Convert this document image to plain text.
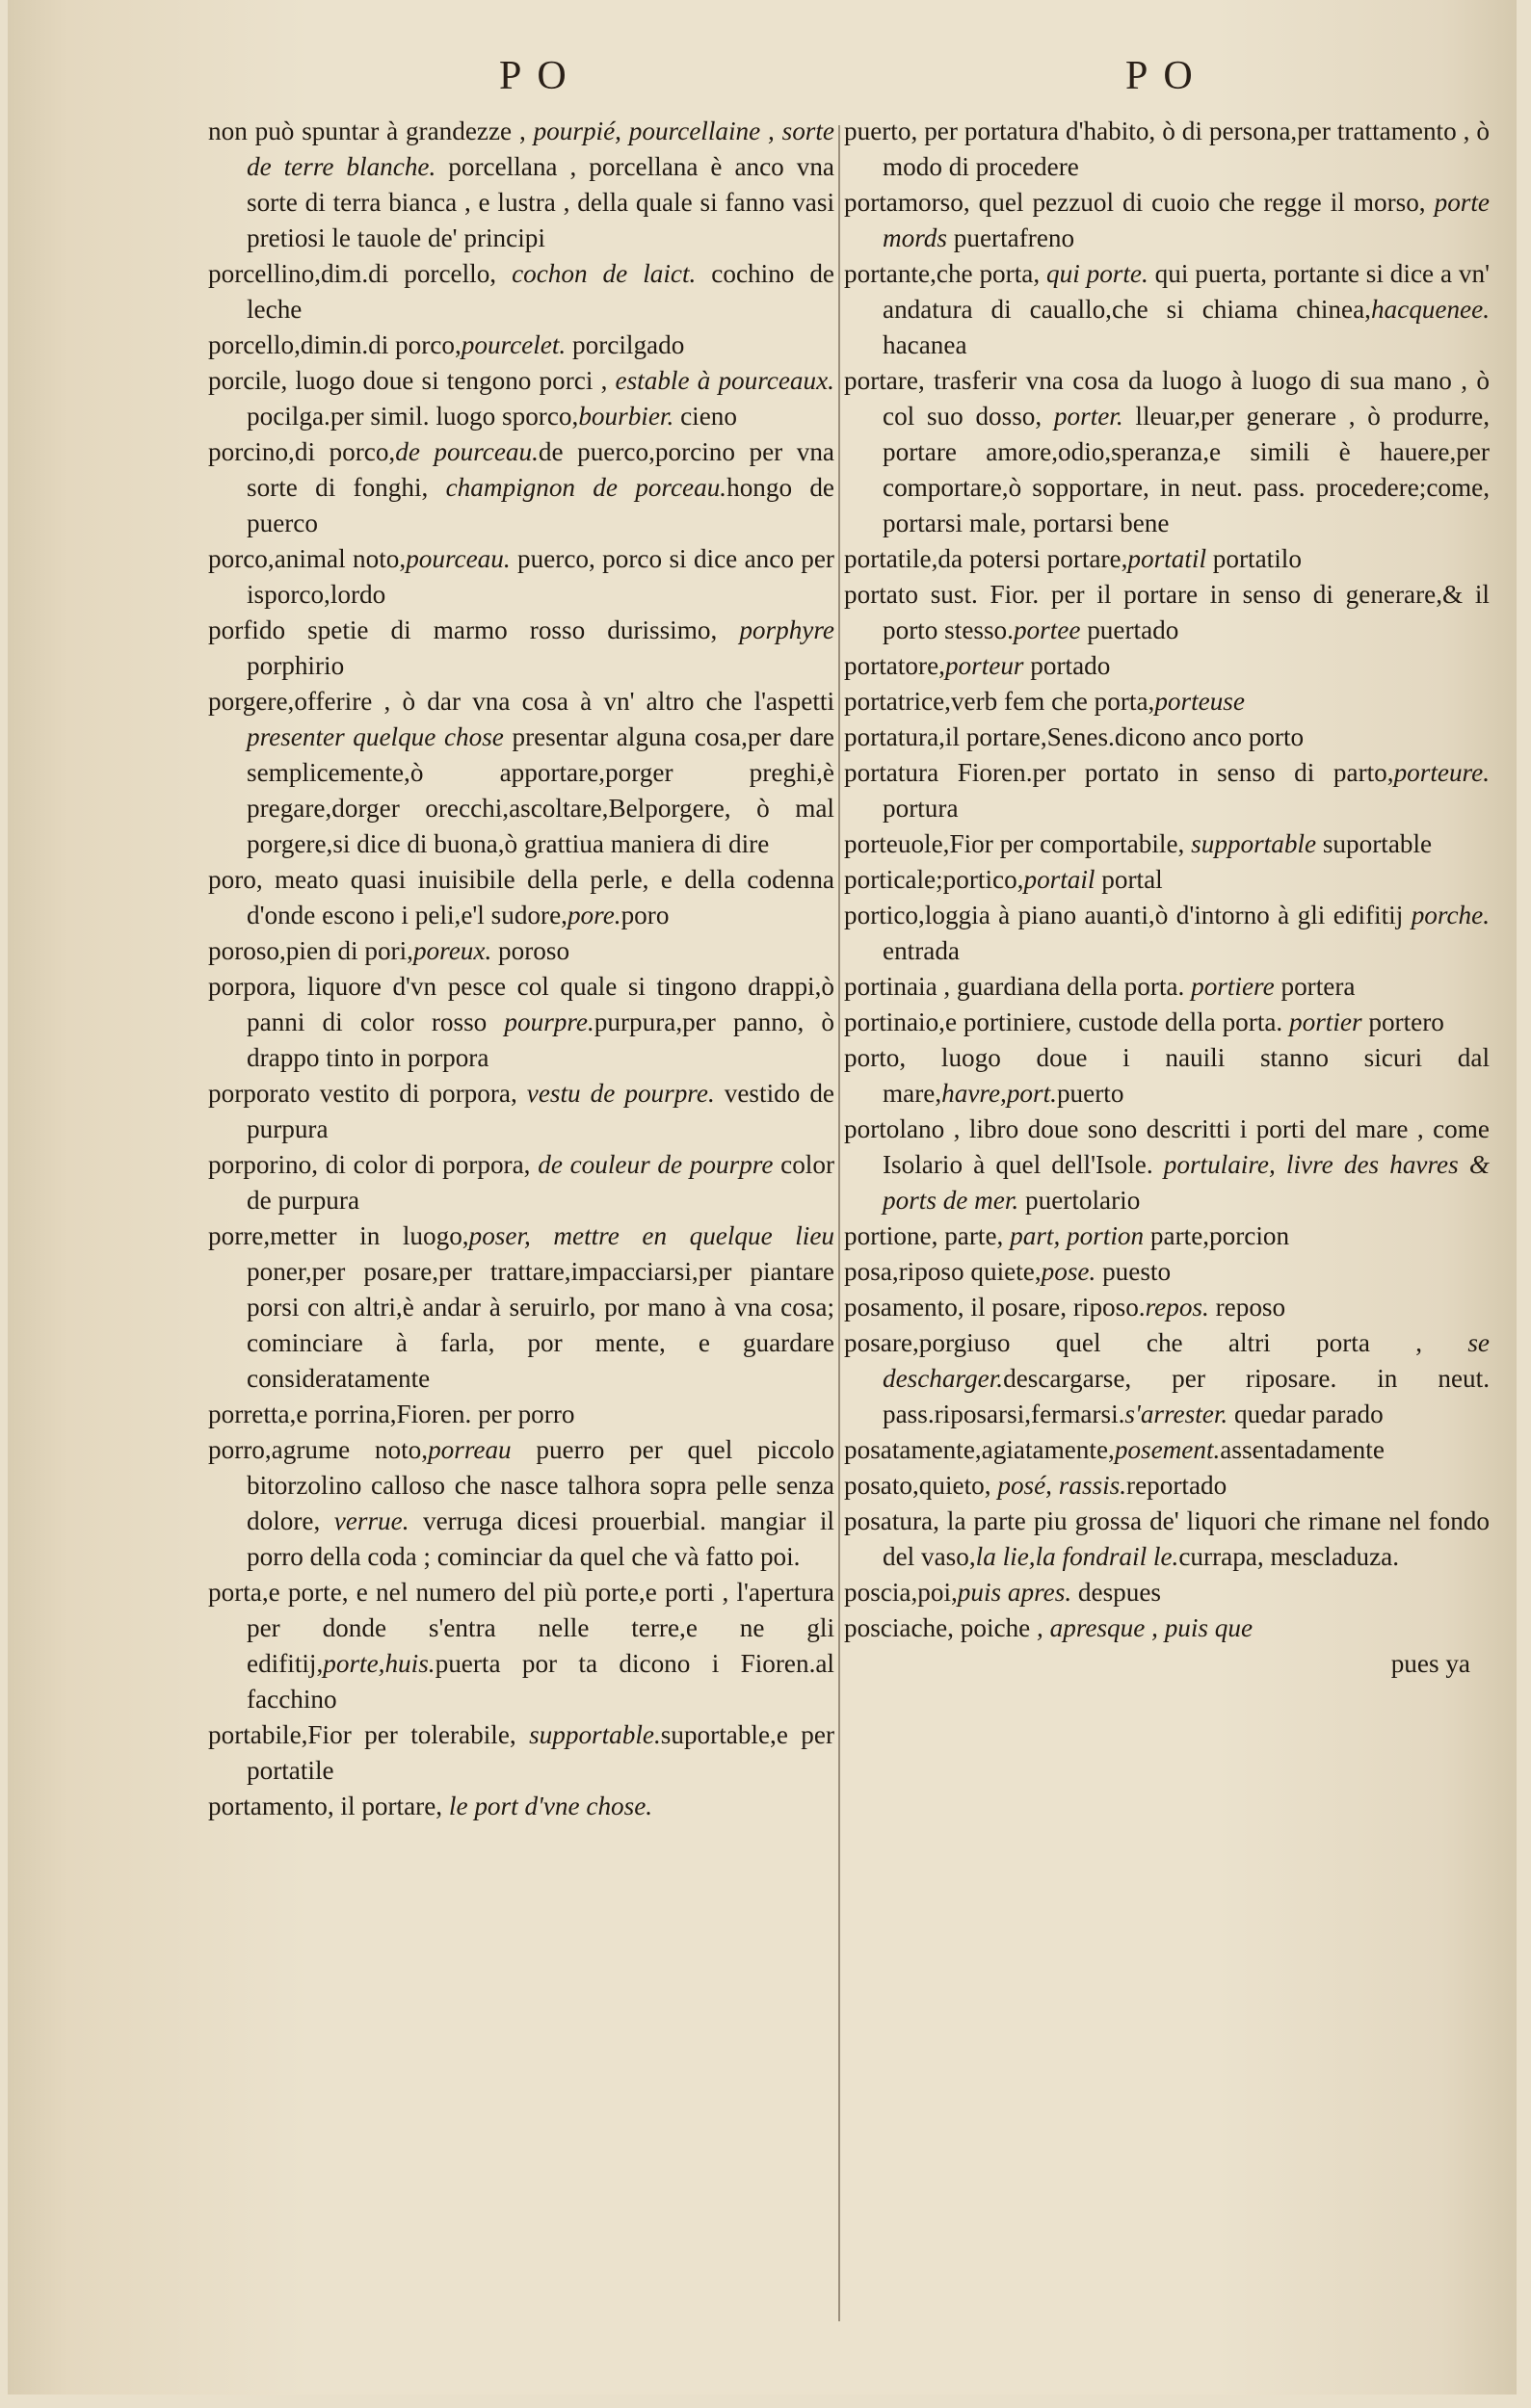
PO	PO
non può spuntar à grandezze , pourpié, pourcellaine , sorte de terre blanche. porcellana , porcellana è anco vna sorte di terra bianca , e lustra , della quale si fanno vasi pretiosi le tauole de' principi
porcellino,dim.di porcello, cochon de laict. cochino de leche
porcello,dimin.di porco,pourcelet. porcilgado
porcile, luogo doue si tengono porci , estable à pourceaux. pocilga.per simil. luogo sporco,bourbier. cieno
porcino,di porco,de pourceau.de puerco,porcino per vna sorte di fonghi, champignon de porceau.hongo de puerco
porco,animal noto,pourceau. puerco, porco si dice anco per isporco,lordo
porfido spetie di marmo rosso durissimo, porphyre porphirio
porgere,offerire , ò dar vna cosa à vn' altro che l'aspetti presenter quelque chose presentar alguna cosa,per dare semplicemente,ò apportare,porger preghi,è pregare,dorger orecchi,ascoltare,Belporgere, ò mal porgere,si dice di buona,ò grattiua maniera di dire
poro, meato quasi inuisibile della perle, e della codenna d'onde escono i peli,e'l sudore,pore.poro
poroso,pien di pori,poreux. poroso
porpora, liquore d'vn pesce col quale si tingono drappi,ò panni di color rosso pourpre.purpura,per panno, ò drappo tinto in porpora
porporato vestito di porpora, vestu de pourpre. vestido de purpura
porporino, di color di porpora, de couleur de pourpre color de purpura
porre,metter in luogo,poser, mettre en quelque lieu poner,per posare,per trattare,impacciarsi,per piantare porsi con altri,è andar à seruirlo, por mano à vna cosa; cominciare à farla, por mente, e guardare consideratamente
porretta,e porrina,Fioren. per porro
porro,agrume noto,porreau puerro per quel piccolo bitorzolino calloso che nasce talhora sopra pelle senza dolore, verrue. verruga dicesi prouerbial. mangiar il porro della coda ; cominciar da quel che và fatto poi.
porta,e porte, e nel numero del più porte,e porti , l'apertura per donde s'entra nelle terre,e ne gli edifitij,porte,huis.puerta por ta dicono i Fioren.al facchino
portabile,Fior per tolerabile, supportable.suportable,e per portatile
portamento, il portare, le port d'vne chose.
puerto, per portatura d'habito, ò di persona,per trattamento , ò modo di procedere
portamorso, quel pezzuol di cuoio che regge il morso, porte mords puertafreno
portante,che porta, qui porte. qui puerta, portante si dice a vn' andatura di cauallo,che si chiama chinea,hacquenee. hacanea
portare, trasferir vna cosa da luogo à luogo di sua mano , ò col suo dosso, porter. lleuar,per generare , ò produrre, portare amore,odio,speranza,e simili è hauere,per comportare,ò sopportare, in neut. pass. procedere;come, portarsi male, portarsi bene
portatile,da potersi portare,portatil portatilo
portato sust. Fior. per il portare in senso di generare,& il porto stesso.portee puertado
portatore,porteur portado
portatrice,verb fem che porta,porteuse
portatura,il portare,Senes.dicono anco porto
portatura Fioren.per portato in senso di parto,porteure. portura
porteuole,Fior per comportabile, supportable suportable
porticale;portico,portail portal
portico,loggia à piano auanti,ò d'intorno à gli edifitij porche. entrada
portinaia , guardiana della porta. portiere portera
portinaio,e portiniere, custode della porta. portier portero
porto, luogo doue i nauili stanno sicuri dal mare,havre,port.puerto
portolano , libro doue sono descritti i porti del mare , come Isolario à quel dell'Isole. portulaire, livre des havres & ports de mer. puertolario
portione, parte, part, portion parte,porcion
posa,riposo quiete,pose. puesto
posamento, il posare, riposo.repos. reposo
posare,porgiuso quel che altri porta , se descharger.descargarse, per riposare. in neut. pass.riposarsi,fermarsi.s'arrester. quedar parado
posatamente,agiatamente,posement.assentadamente
posato,quieto, posé, rassis.reportado
posatura, la parte piu grossa de' liquori che rimane nel fondo del vaso,la lie,la fondrail le.currapa, mescladuza.
poscia,poi,puis apres. despues
posciache, poiche , apresque , puis que
pues ya
